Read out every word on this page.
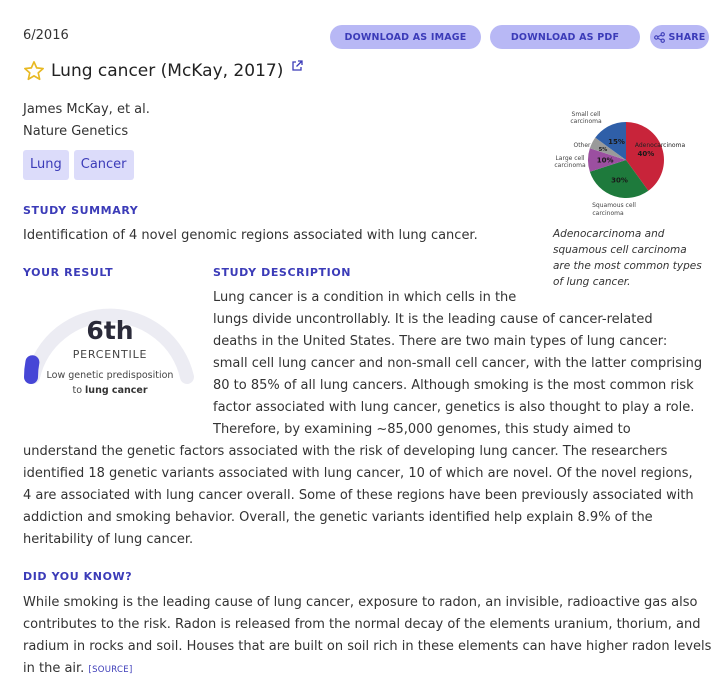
6/2016	DOWNLOAD AS IMAGE	DOWNLOAD AS PDF	SHARE
Lung cancer (McKay, 2017)
James McKay, et al.
Nature Genetics
Lung	Cancer
STUDY SUMMARY
Identification of 4 novel genomic regions associated with lung cancer.
40%
30%
10%
5%
15%
Small cell
carcinoma
Other
Large cell
carcinoma
Squamous cell
carcinoma
Adenocarcinoma
Adenocarcinoma and squamous cell carcinoma are the most common types of lung cancer.
YOUR RESULT
6th
PERCENTILE
Low genetic predisposition
to lung cancer
STUDY DESCRIPTION
Lung cancer is a condition in which cells in the
lungs divide uncontrollably. It is the leading cause of cancer-related
deaths in the United States. There are two main types of lung cancer:
small cell lung cancer and non-small cell cancer, with the latter comprising
80 to 85% of all lung cancers. Although smoking is the most common risk
factor associated with lung cancer, genetics is also thought to play a role.
Therefore, by examining ~85,000 genomes, this study aimed to
understand the genetic factors associated with the risk of developing lung cancer. The researchers
identified 18 genetic variants associated with lung cancer, 10 of which are novel. Of the novel regions,
4 are associated with lung cancer overall. Some of these regions have been previously associated with
addiction and smoking behavior. Overall, the genetic variants identified help explain 8.9% of the
heritability of lung cancer.
DID YOU KNOW?
While smoking is the leading cause of lung cancer, exposure to radon, an invisible, radioactive gas also contributes to the risk. Radon is released from the normal decay of the elements uranium, thorium, and radium in rocks and soil. Houses that are built on soil rich in these elements can have higher radon levels in the air. [SOURCE]
